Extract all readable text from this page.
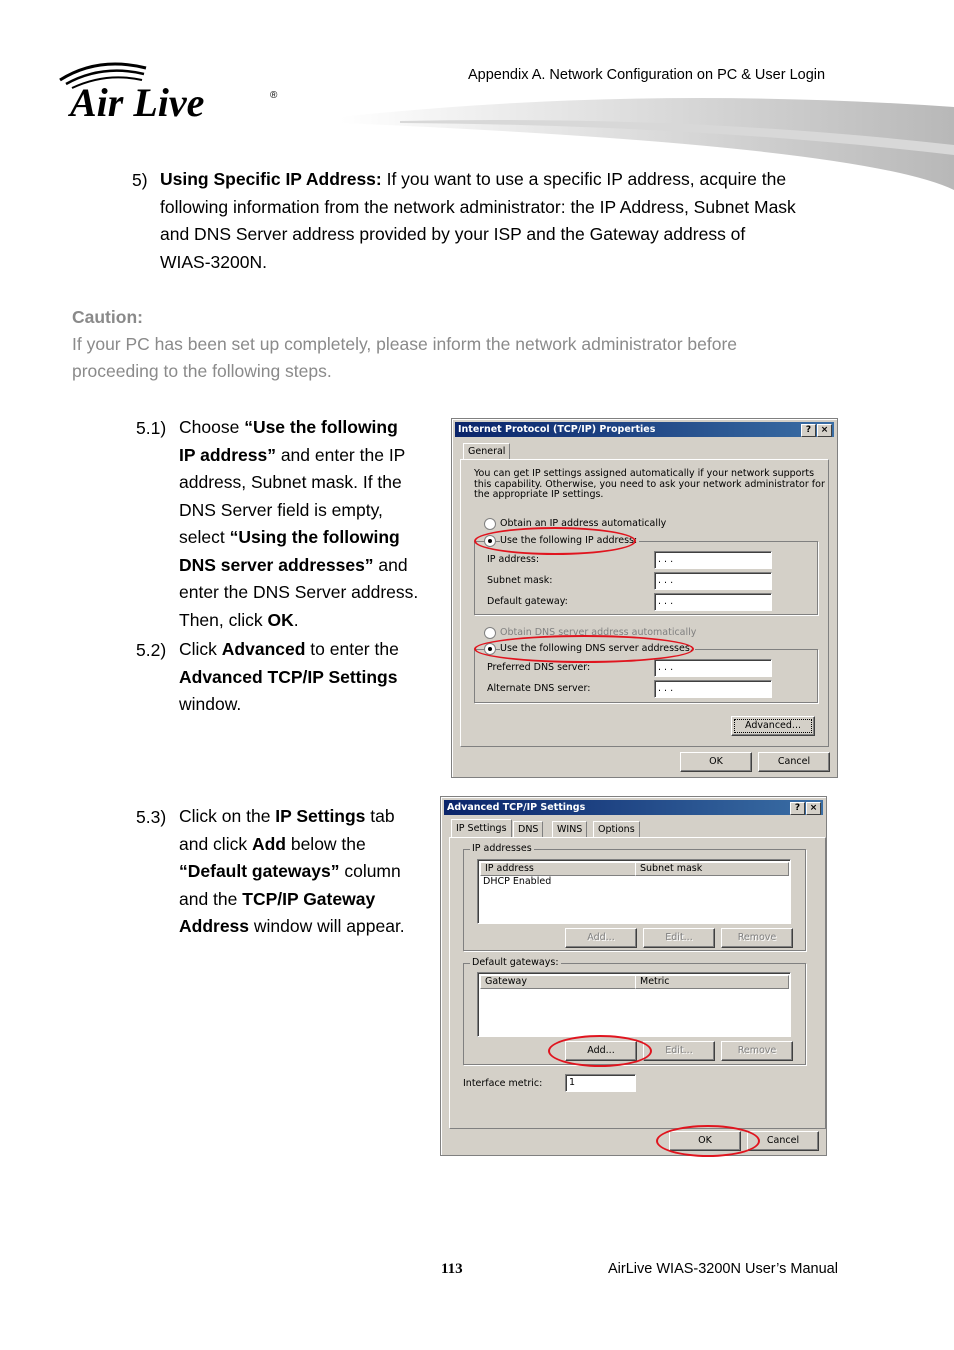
Air Live	®
Appendix A. Network Configuration on PC & User Login
5) Using Specific IP Address: If you want to use a specific IP address, acquire the
following information from the network administrator: the IP Address, Subnet Mask
and DNS Server address provided by your ISP and the Gateway address of
WIAS-3200N.
Caution:
If your PC has been set up completely, please inform the network administrator before
proceeding to the following steps.
5.1) Choose “Use the following
IP address” and enter the IP
address, Subnet mask. If the
DNS Server field is empty,
select “Using the following
DNS server addresses” and
enter the DNS Server address.
Then, click OK.
5.2) Click Advanced to enter the
Advanced TCP/IP Settings
window.
Internet Protocol (TCP/IP) Properties	?	×
General
You can get IP settings assigned automatically if your network supports
this capability. Otherwise, you need to ask your network administrator for
the appropriate IP settings.
Obtain an IP address automatically
Use the following IP address:
IP address:	. . .
Subnet mask:	. . .
Default gateway:	. . .
Obtain DNS server address automatically
Use the following DNS server addresses:
Preferred DNS server:	. . .
Alternate DNS server:	. . .
Advanced...
OK	Cancel
5.3) Click on the IP Settings tab
and click Add below the
“Default gateways” column
and the TCP/IP Gateway
Address window will appear.
Advanced TCP/IP Settings	?	×
IP Settings	DNS	WINS	Options
IP addresses
IP address	Subnet mask
DHCP Enabled
Add...	Edit...	Remove
Default gateways:
Gateway	Metric
Add...	Edit...	Remove
Interface metric:	1
OK	Cancel
113	AirLive WIAS-3200N User’s Manual
